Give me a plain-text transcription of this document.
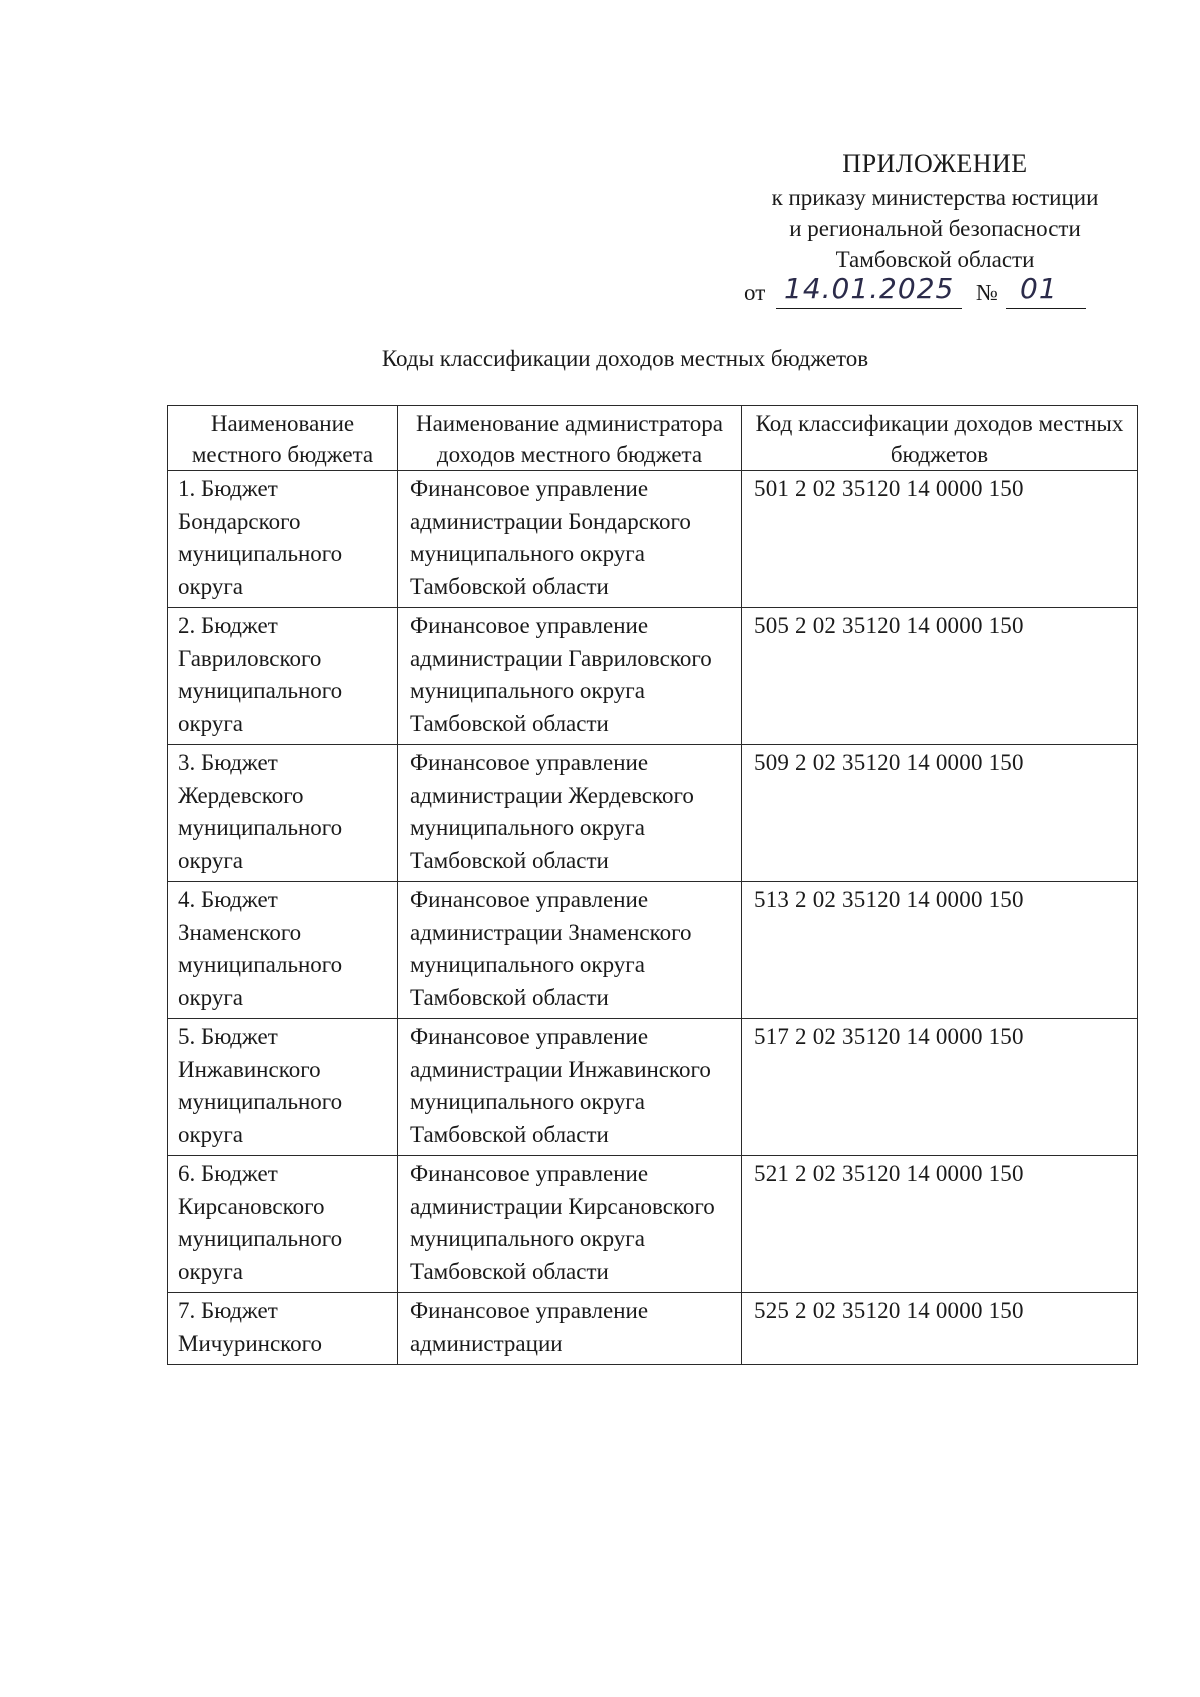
ПРИЛОЖЕНИЕ
к приказу министерства юстиции
и региональной безопасности
Тамбовской области
от 14.01.2025 № 01
Коды классификации доходов местных бюджетов
Наименование местного бюджета	Наименование администратора доходов местного бюджета	Код классификации доходов местных бюджетов
1. Бюджет Бондарского муниципального округа	Финансовое управление администрации Бондарского муниципального округа Тамбовской области	501 2 02 35120 14 0000 150
2. Бюджет Гавриловского муниципального округа	Финансовое управление администрации Гавриловского муниципального округа Тамбовской области	505 2 02 35120 14 0000 150
3. Бюджет Жердевского муниципального округа	Финансовое управление администрации Жердевского муниципального округа Тамбовской области	509 2 02 35120 14 0000 150
4. Бюджет Знаменского муниципального округа	Финансовое управление администрации Знаменского муниципального округа Тамбовской области	513 2 02 35120 14 0000 150
5. Бюджет Инжавинского муниципального округа	Финансовое управление администрации Инжавинского муниципального округа Тамбовской области	517 2 02 35120 14 0000 150
6. Бюджет Кирсановского муниципального округа	Финансовое управление администрации Кирсановского муниципального округа Тамбовской области	521 2 02 35120 14 0000 150
7. Бюджет Мичуринского	Финансовое управление администрации	525 2 02 35120 14 0000 150
